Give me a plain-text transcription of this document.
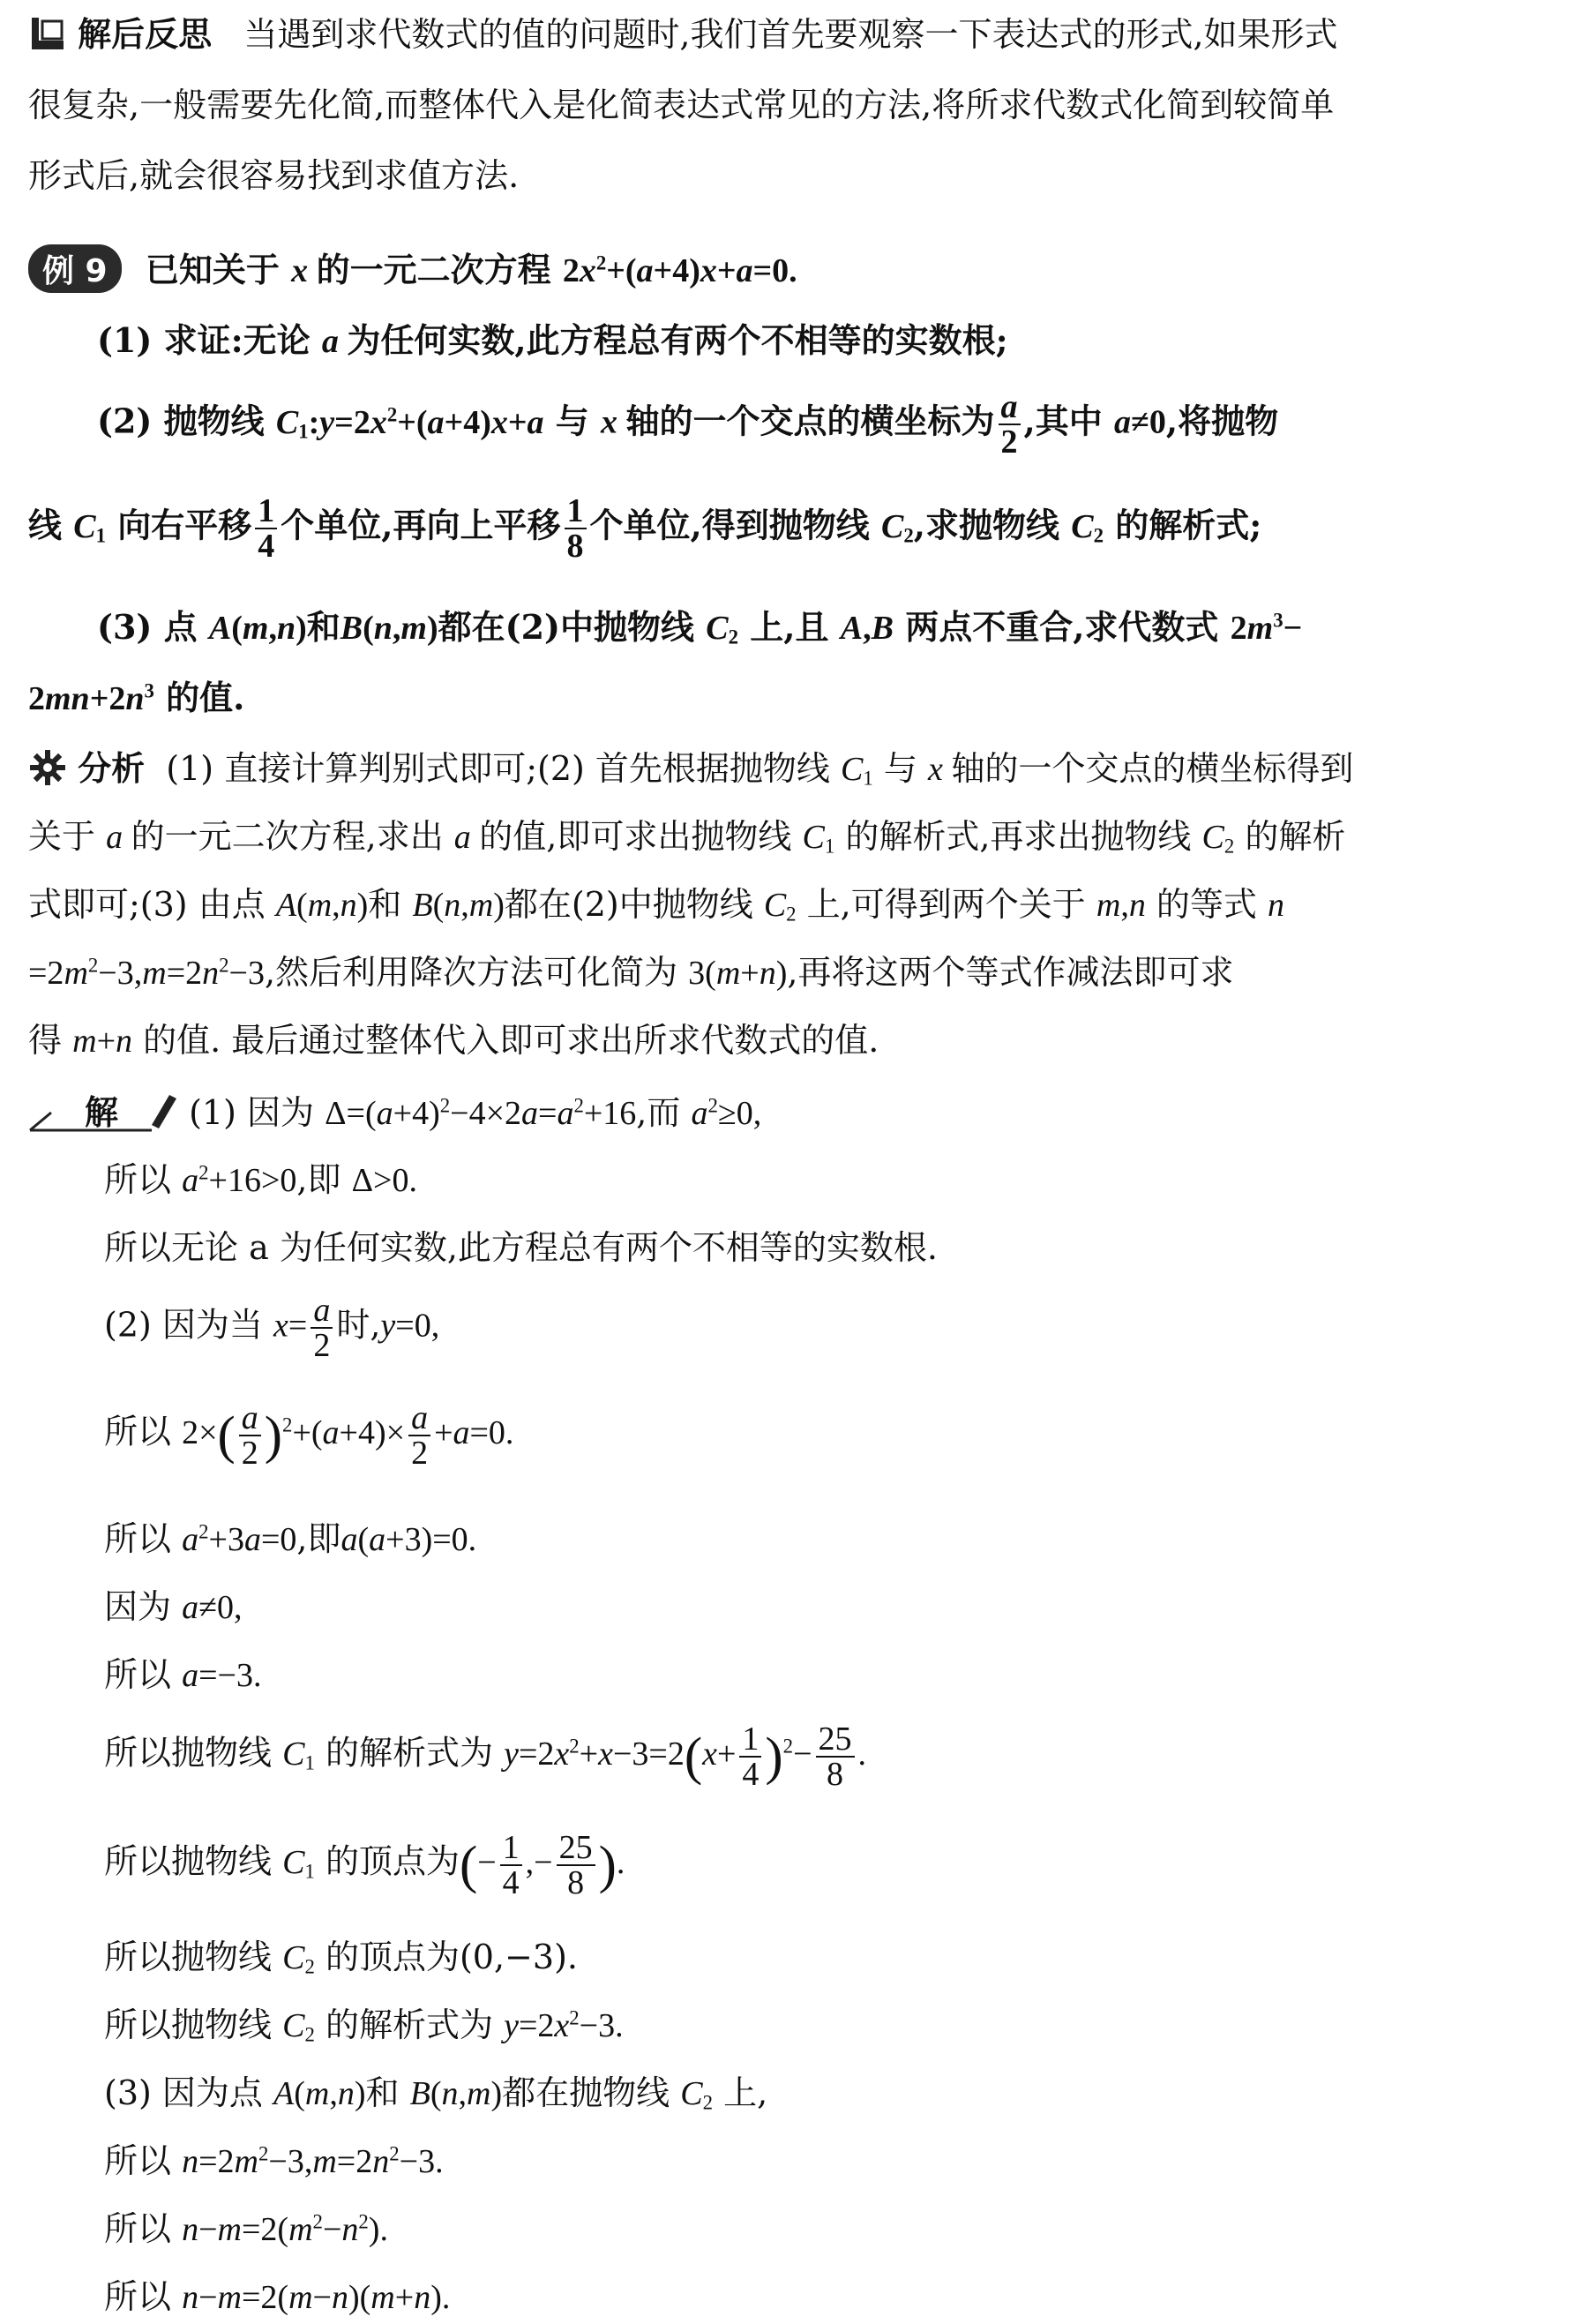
解后反思 当遇到求代数式的值的问题时,我们首先要观察一下表达式的形式,如果形式
很复杂,一般需要先化简,而整体代入是化简表达式常见的方法,将所求代数式化简到较简单
形式后,就会很容易找到求值方法.
例 9 已知关于 x 的一元二次方程 $2x^2+(a+4)x+a=0$.
(1) 求证:无论 a 为任何实数,此方程总有两个不相等的实数根;
(2) 抛物线 $C_1:y=2x^2+(a+4)x+a$ 与 x 轴的一个交点的横坐标为 $\frac{a}{2}$ ,其中 a≠0,将抛物
线 $C_1$ 向右平移 $\frac{1}{4}$ 个单位,再向上平移 $\frac{1}{8}$ 个单位,得到抛物线 $C_2$,求抛物线 $C_2$ 的解析式;
(3) 点 A(m,n)和B(n,m)都在(2)中抛物线 $C_2$ 上,且 A,B 两点不重合,求代数式 $2m^3-$
$2mn+2n^3$ 的值.
分析 (1) 直接计算判别式即可;(2) 首先根据抛物线 $C_1$ 与 x 轴的一个交点的横坐标得到
关于 a 的一元二次方程,求出 a 的值,即可求出抛物线 $C_1$ 的解析式,再求出抛物线 $C_2$ 的解析
式即可;(3) 由点 A(m,n)和 B(n,m)都在(2)中抛物线 $C_2$ 上,可得到两个关于 m,n 的等式 n
$=2m^2-3,m=2n^2-3$,然后利用降次方法可化简为 3(m+n),再将这两个等式作减法即可求
得 m+n 的值. 最后通过整体代入即可求出所求代数式的值.

解 (1) 因为 $\Delta=(a+4)^2-4\times 2a=a^2+16$,而 $a^2\ge 0$,
所以 $a^2+16>0$,即 Δ>0.
所以无论 a 为任何实数,此方程总有两个不相等的实数根.
(2) 因为当 $x= \frac{a}{2}$ 时,y=0,
所以 $2\times( \frac{a}{2} )^2+(a+4)\times \frac{a}{2} +a=0$.
所以 $a^2+3a=0$,即a(a+3)=0.
因为 a≠0,
所以 a=−3.
所以抛物线 $C_1$ 的解析式为 $y=2x^2+x-3=2(x+ \frac{1}{4} )^2- \frac{25}{8}$ .
所以抛物线 $C_1$ 的顶点为(− $\frac{1}{4}$ ,− $\frac{25}{8}$ ).
所以抛物线 $C_2$ 的顶点为(0,−3).
所以抛物线 $C_2$ 的解析式为 $y=2x^2-3$.
(3) 因为点 A(m,n)和 B(n,m)都在抛物线 $C_2$ 上,
所以 $n=2m^2-3,m=2n^2-3$.
所以 $n-m=2(m^2-n^2)$.
所以 n−m=2(m−n)(m+n).
